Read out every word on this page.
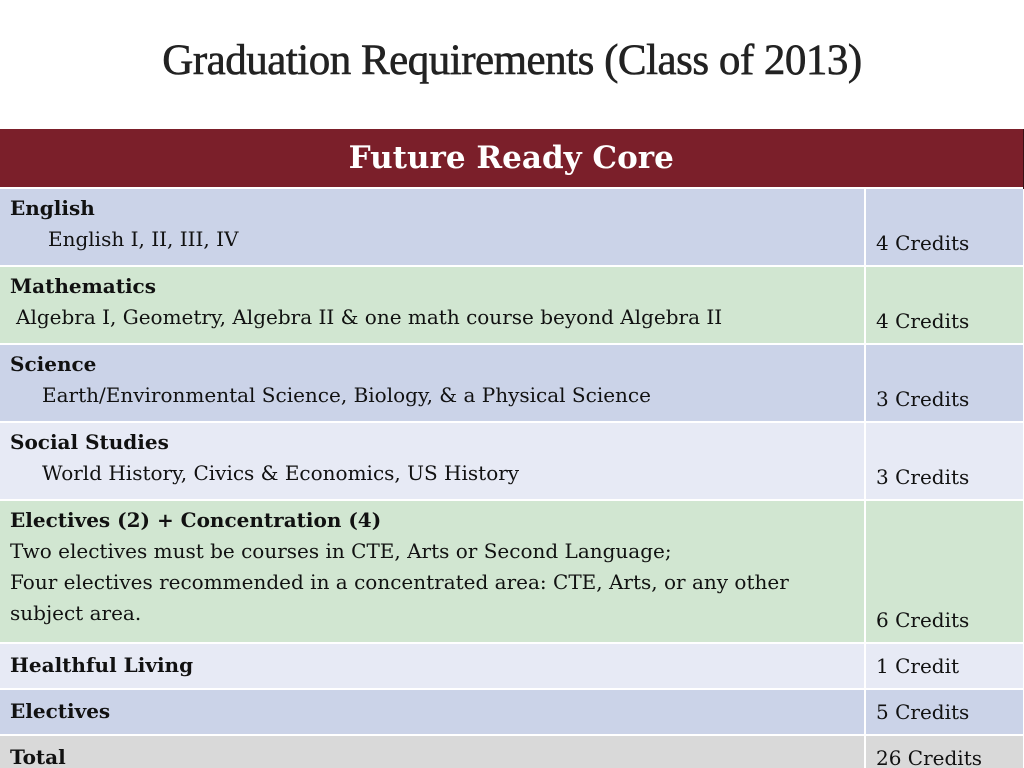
Graduation Requirements (Class of 2013)
Future Ready Core	
English
English I, II, III, IV	4 Credits
Mathematics
Algebra I, Geometry, Algebra II & one math course beyond Algebra II	4 Credits
Science
Earth/Environmental Science, Biology, & a Physical Science	3 Credits
Social Studies
World History, Civics & Economics, US History	3 Credits
Electives (2) + Concentration (4)
Two electives must be courses in CTE, Arts or Second Language;
Four electives recommended in a concentrated area: CTE, Arts, or any other subject area.	6 Credits
Healthful Living	1 Credit
Electives	5 Credits
Total	26 Credits
